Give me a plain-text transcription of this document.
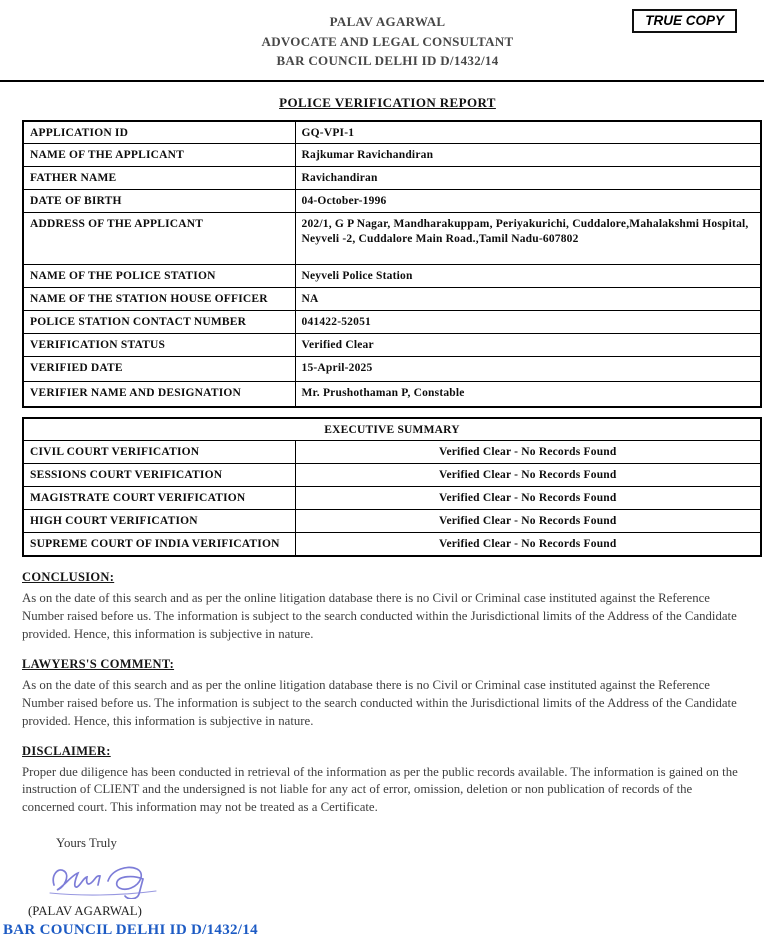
PALAV AGARWAL
ADVOCATE AND LEGAL CONSULTANT
BAR COUNCIL DELHI ID D/1432/14
TRUE COPY
POLICE VERIFICATION REPORT
APPLICATION ID	GQ-VPI-1
NAME OF THE APPLICANT	Rajkumar Ravichandiran
FATHER NAME	Ravichandiran
DATE OF BIRTH	04-October-1996
ADDRESS OF THE APPLICANT	202/1, G P Nagar, Mandharakuppam, Periyakurichi, Cuddalore,Mahalakshmi Hospital, Neyveli -2, Cuddalore Main Road.,Tamil Nadu-607802
NAME OF THE POLICE STATION	Neyveli Police Station
NAME OF THE STATION HOUSE OFFICER	NA
POLICE STATION CONTACT NUMBER	041422-52051
VERIFICATION STATUS	Verified Clear
VERIFIED DATE	15-April-2025
VERIFIER NAME AND DESIGNATION	Mr. Prushothaman P, Constable
EXECUTIVE SUMMARY	
CIVIL COURT VERIFICATION	Verified Clear - No Records Found
SESSIONS COURT VERIFICATION	Verified Clear - No Records Found
MAGISTRATE COURT VERIFICATION	Verified Clear - No Records Found
HIGH COURT VERIFICATION	Verified Clear - No Records Found
SUPREME COURT OF INDIA VERIFICATION	Verified Clear - No Records Found
CONCLUSION:
As on the date of this search and as per the online litigation database there is no Civil or Criminal case instituted against the Reference Number raised before us. The information is subject to the search conducted within the Jurisdictional limits of the Address of the Candidate provided. Hence, this information is subjective in nature.
LAWYERS'S COMMENT:
As on the date of this search and as per the online litigation database there is no Civil or Criminal case instituted against the Reference Number raised before us. The information is subject to the search conducted within the Jurisdictional limits of the Address of the Candidate provided. Hence, this information is subjective in nature.
DISCLAIMER:
Proper due diligence has been conducted in retrieval of the information as per the public records available. The information is gained on the instruction of CLIENT and the undersigned is not liable for any act of error, omission, deletion or non publication of records of the concerned court. This information may not be treated as a Certificate.
Yours Truly
(PALAV AGARWAL)
BAR COUNCIL DELHI ID D/1432/14
